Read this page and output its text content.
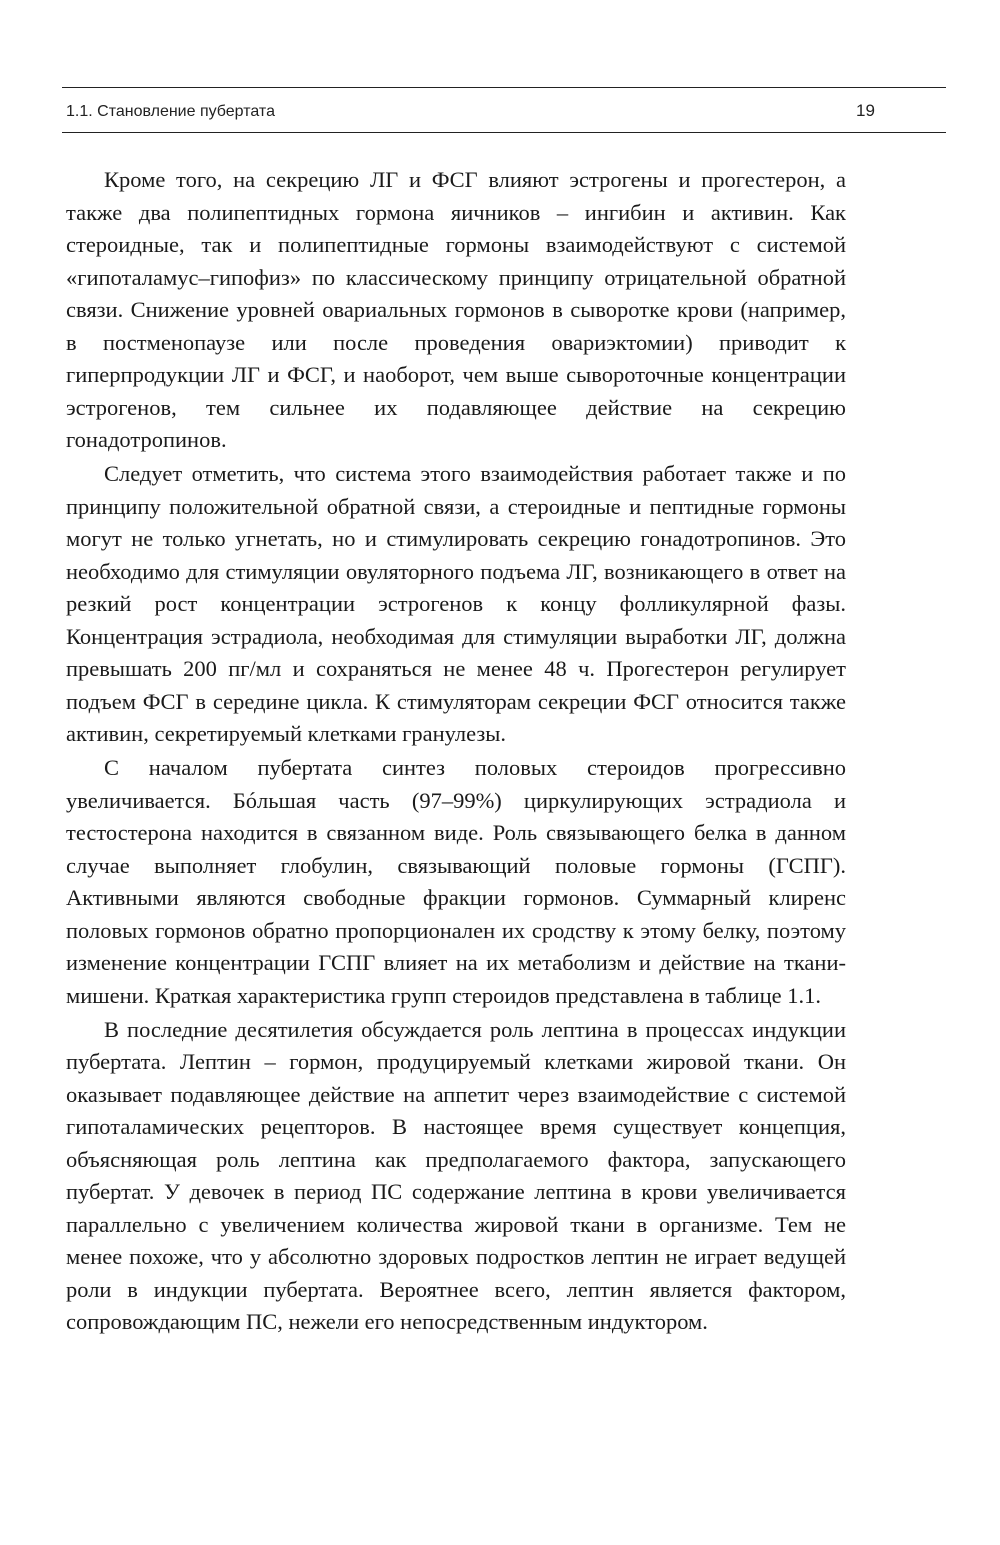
1.1. Становление пубертата	19

Кроме того, на секрецию ЛГ и ФСГ влияют эстрогены и прогестерон, а также два полипептидных гормона яичников – ингибин и активин. Как стероидные, так и полипептидные гормоны взаимодействуют с системой «гипоталамус–гипофиз» по классическому принципу отрицательной обратной связи. Снижение уровней овариальных гормонов в сыворотке крови (например, в постменопаузе или после проведения овариэктомии) приводит к гиперпродукции ЛГ и ФСГ, и наоборот, чем выше сывороточные концентрации эстрогенов, тем сильнее их подавляющее действие на секрецию гонадотропинов.

Следует отметить, что система этого взаимодействия работает также и по принципу положительной обратной связи, а стероидные и пептидные гормоны могут не только угнетать, но и стимулировать секрецию гонадотропинов. Это необходимо для стимуляции овуляторного подъема ЛГ, возникающего в ответ на резкий рост концентрации эстрогенов к концу фолликулярной фазы. Концентрация эстрадиола, необходимая для стимуляции выработки ЛГ, должна превышать 200 пг/мл и сохраняться не менее 48 ч. Прогестерон регулирует подъем ФСГ в середине цикла. К стимуляторам секреции ФСГ относится также активин, секретируемый клетками гранулезы.

С началом пубертата синтез половых стероидов прогрессивно увеличивается. Бóльшая часть (97–99%) циркулирующих эстрадиола и тестостерона находится в связанном виде. Роль связывающего белка в данном случае выполняет глобулин, связывающий половые гормоны (ГСПГ). Активными являются свободные фракции гормонов. Суммарный клиренс половых гормонов обратно пропорционален их сродству к этому белку, поэтому изменение концентрации ГСПГ влияет на их метаболизм и действие на ткани-мишени. Краткая характеристика групп стероидов представлена в таблице 1.1.

В последние десятилетия обсуждается роль лептина в процессах индукции пубертата. Лептин – гормон, продуцируемый клетками жировой ткани. Он оказывает подавляющее действие на аппетит через взаимодействие с системой гипоталамических рецепторов. В настоящее время существует концепция, объясняющая роль лептина как предполагаемого фактора, запускающего пубертат. У девочек в период ПС содержание лептина в крови увеличивается параллельно с увеличением количества жировой ткани в организме. Тем не менее похоже, что у абсолютно здоровых подростков лептин не играет ведущей роли в индукции пубертата. Вероятнее всего, лептин является фактором, сопровождающим ПС, нежели его непосредственным индуктором.
